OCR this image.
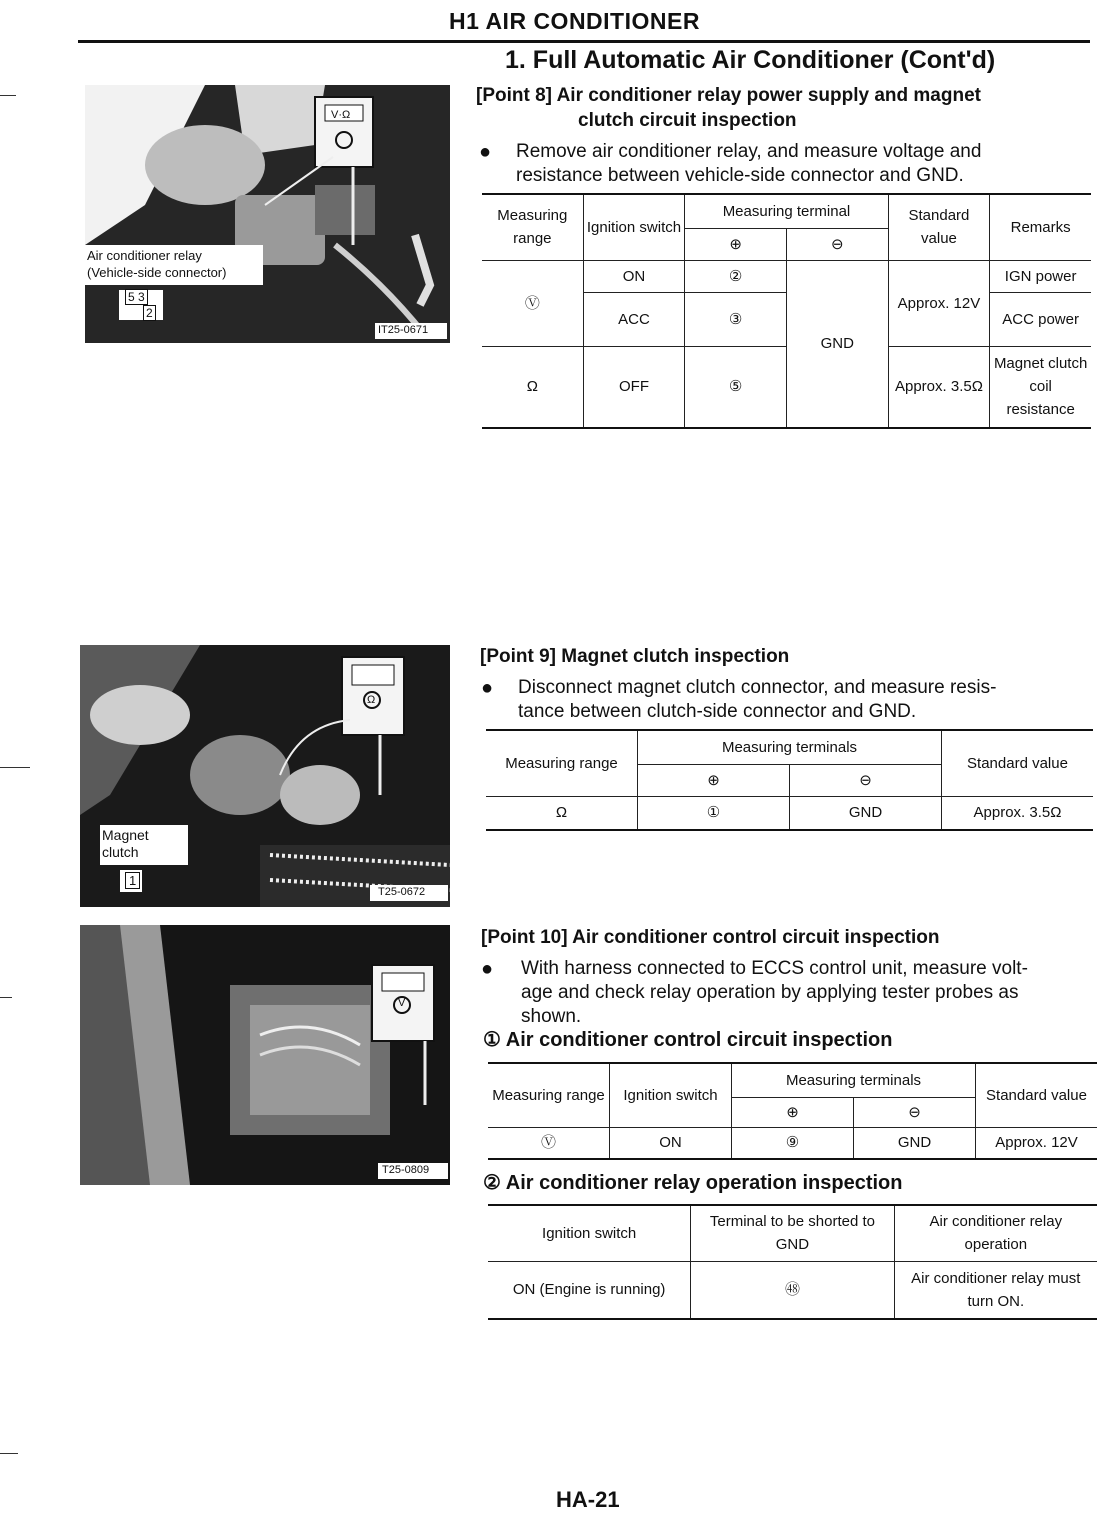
H1 AIR CONDITIONER
1. Full Automatic Air Conditioner (Cont'd)
V·Ω
Air conditioner relay
(Vehicle-side connector)
5 3
2
IT25-0671
[Point 8] Air conditioner relay power supply and magnet
clutch circuit inspection
● Remove air conditioner relay, and measure voltage and
resistance between vehicle-side connector and GND.
Measuring range	Ignition switch	Measuring terminal		Standard value	Remarks
		⊕	⊖		
Ⓥ	ON	②	GND	Approx. 12V	IGN power
	ACC	③			ACC power
Ω	OFF	⑤		Approx. 3.5Ω	Magnet clutch coil resistance
Ω
Magnet
clutch
1
T25-0672
[Point 9] Magnet clutch inspection
● Disconnect magnet clutch connector, and measure resis-
tance between clutch-side connector and GND.
Measuring range	Measuring terminals		Standard value
	⊕	⊖	
Ω	①	GND	Approx. 3.5Ω
V
T25-0809
[Point 10] Air conditioner control circuit inspection
● With harness connected to ECCS control unit, measure volt-
age and check relay operation by applying tester probes as
shown.
① Air conditioner control circuit inspection
Measuring range	Ignition switch	Measuring terminals		Standard value
		⊕	⊖	
Ⓥ	ON	⑨	GND	Approx. 12V
② Air conditioner relay operation inspection
Ignition switch	Terminal to be shorted to GND	Air conditioner relay operation
ON (Engine is running)	㊽	Air conditioner relay must turn ON.
HA-21
